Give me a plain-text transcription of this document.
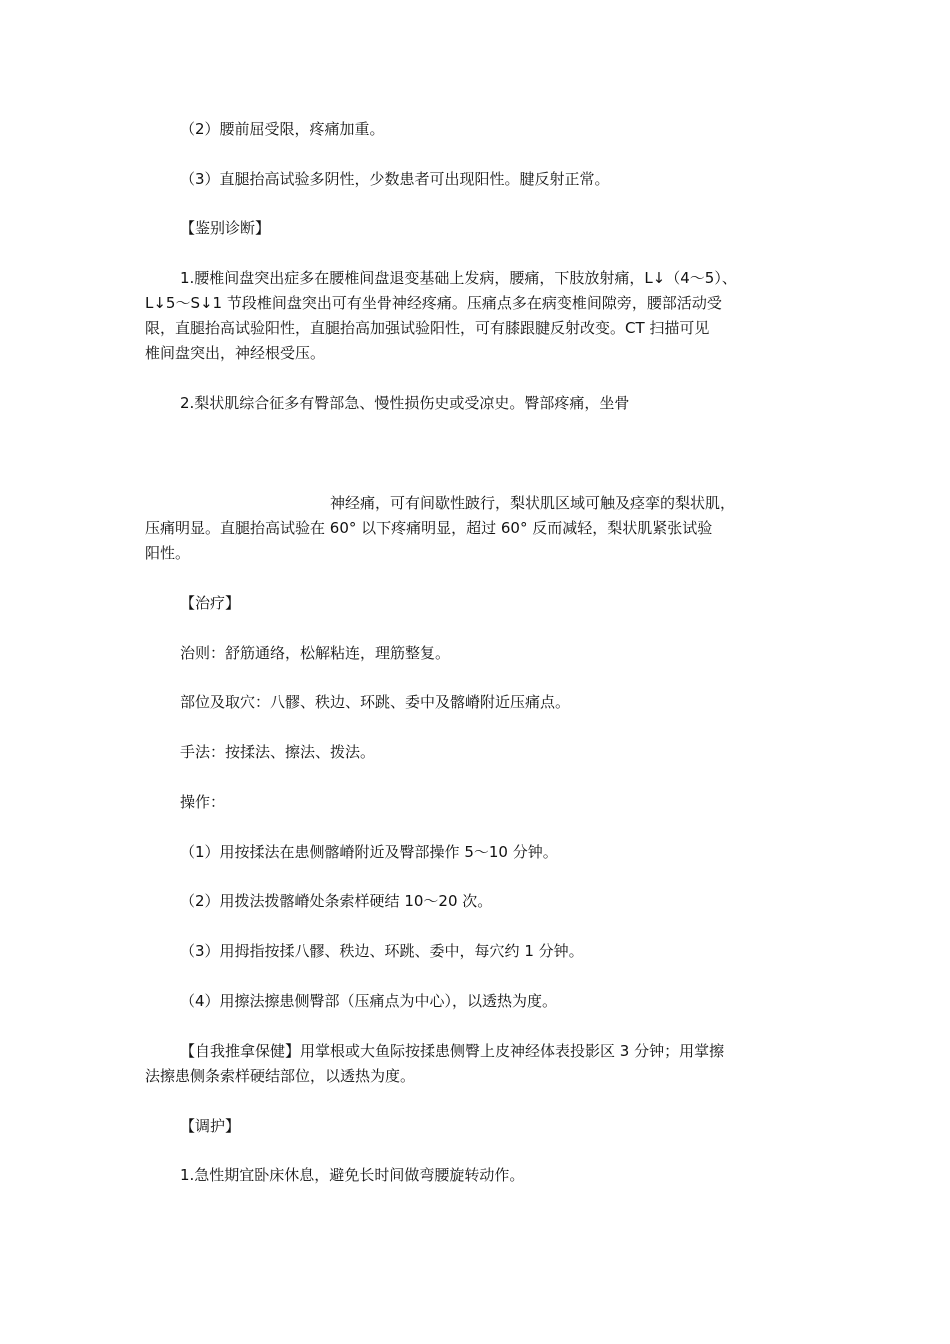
（2）腰前屈受限，疼痛加重。

（3）直腿抬高试验多阴性，少数患者可出现阳性。腱反射正常。

【鉴别诊断】

1.腰椎间盘突出症多在腰椎间盘退变基础上发病，腰痛，下肢放射痛，L↓（4～5）、

L↓5～S↓1 节段椎间盘突出可有坐骨神经疼痛。压痛点多在病变椎间隙旁，腰部活动受

限，直腿抬高试验阳性，直腿抬高加强试验阳性，可有膝跟腱反射改变。CT 扫描可见

椎间盘突出，神经根受压。

2.梨状肌综合征多有臀部急、慢性损伤史或受凉史。臀部疼痛，坐骨

神经痛，可有间歇性跛行，梨状肌区域可触及痉挛的梨状肌，

压痛明显。直腿抬高试验在 60° 以下疼痛明显，超过 60° 反而减轻，梨状肌紧张试验

阳性。

【治疗】

治则：舒筋通络，松解粘连，理筋整复。

部位及取穴：八髎、秩边、环跳、委中及髂嵴附近压痛点。

手法：按揉法、擦法、拨法。

操作：

（1）用按揉法在患侧髂嵴附近及臀部操作 5～10 分钟。

（2）用拨法拨髂嵴处条索样硬结 10～20 次。

（3）用拇指按揉八髎、秩边、环跳、委中，每穴约 1 分钟。

（4）用擦法擦患侧臀部（压痛点为中心），以透热为度。

【自我推拿保健】用掌根或大鱼际按揉患侧臀上皮神经体表投影区 3 分钟；用掌擦

法擦患侧条索样硬结部位，以透热为度。

【调护】

1.急性期宜卧床休息，避免长时间做弯腰旋转动作。
